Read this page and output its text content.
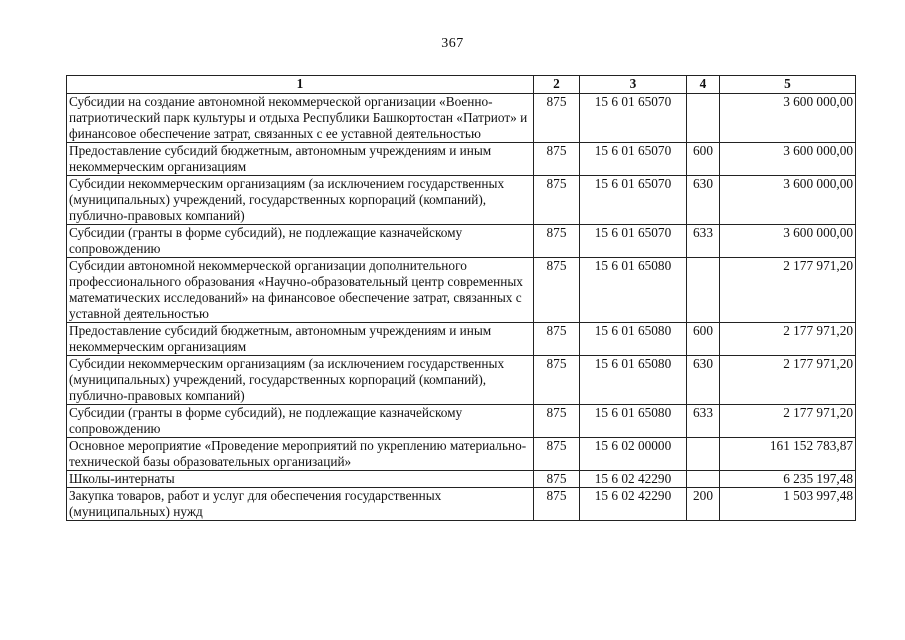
367
1	2	3	4	5
Субсидии на создание автономной некоммерческой организации «Военно-патриотический парк культуры и отдыха Республики Башкортостан «Патриот» и финансовое обеспечение затрат, связанных с ее уставной деятельностью	875	15 6 01 65070		3 600 000,00
Предоставление субсидий бюджетным, автономным учреждениям и иным некоммерческим организациям	875	15 6 01 65070	600	3 600 000,00
Субсидии некоммерческим организациям (за исключением государственных (муниципальных) учреждений, государственных корпораций (компаний), публично-правовых компаний)	875	15 6 01 65070	630	3 600 000,00
Субсидии (гранты в форме субсидий), не подлежащие казначейскому сопровождению	875	15 6 01 65070	633	3 600 000,00
Субсидии автономной некоммерческой организации дополнительного профессионального образования «Научно-образовательный центр современных математических исследований» на финансовое обеспечение затрат, связанных с уставной деятельностью	875	15 6 01 65080		2 177 971,20
Предоставление субсидий бюджетным, автономным учреждениям и иным некоммерческим организациям	875	15 6 01 65080	600	2 177 971,20
Субсидии некоммерческим организациям (за исключением государственных (муниципальных) учреждений, государственных корпораций (компаний), публично-правовых компаний)	875	15 6 01 65080	630	2 177 971,20
Субсидии (гранты в форме субсидий), не подлежащие казначейскому сопровождению	875	15 6 01 65080	633	2 177 971,20
Основное мероприятие «Проведение мероприятий по укреплению материально-технической базы образовательных организаций»	875	15 6 02 00000		161 152 783,87
Школы-интернаты	875	15 6 02 42290		6 235 197,48
Закупка товаров, работ и услуг для обеспечения государственных (муниципальных) нужд	875	15 6 02 42290	200	1 503 997,48
